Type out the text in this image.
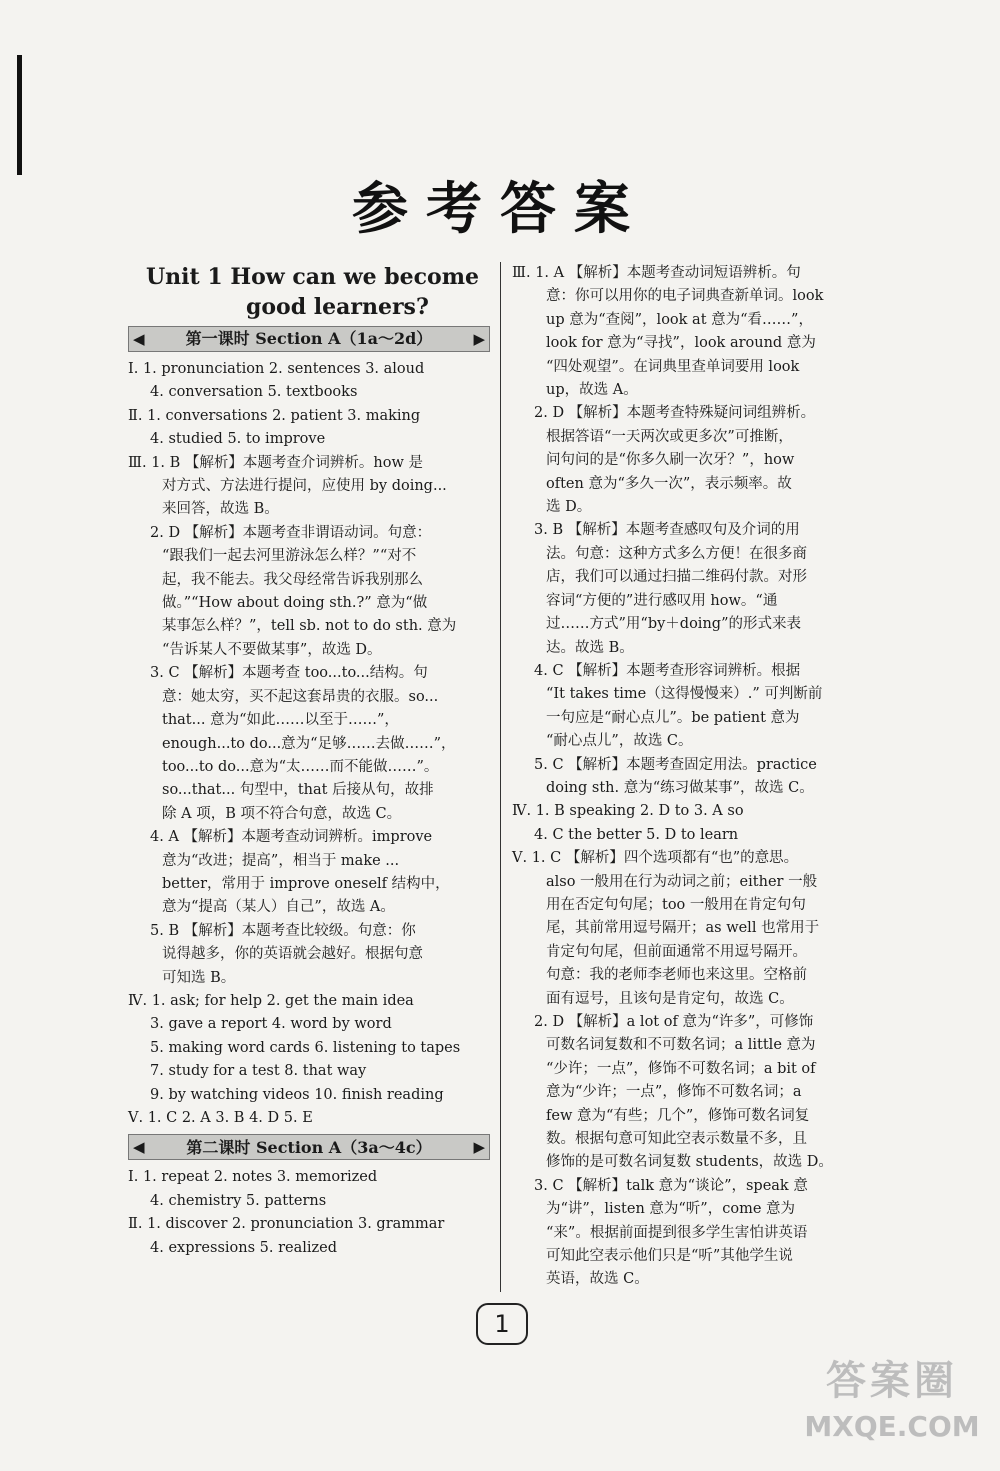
参考答案
Unit 1 How can we become
good learners?
◀	第一课时 Section A（1a～2d）	▶
Ⅰ. 1. pronunciation 2. sentences 3. aloud
4. conversation 5. textbooks
Ⅱ. 1. conversations 2. patient 3. making
4. studied 5. to improve
Ⅲ. 1. B 【解析】本题考查介词辨析。how 是
对方式、方法进行提问，应使用 by doing...
来回答，故选 B。
2. D 【解析】本题考查非谓语动词。句意：
“跟我们一起去河里游泳怎么样？”“对不
起，我不能去。我父母经常告诉我别那么
做。”“How about doing sth.?” 意为“做
某事怎么样？”，tell sb. not to do sth. 意为
“告诉某人不要做某事”，故选 D。
3. C 【解析】本题考查 too...to...结构。句
意：她太穷，买不起这套昂贵的衣服。so...
that... 意为“如此……以至于……”，
enough...to do...意为“足够……去做……”，
too...to do...意为“太……而不能做……”。
so...that... 句型中，that 后接从句，故排
除 A 项，B 项不符合句意，故选 C。
4. A 【解析】本题考查动词辨析。improve
意为“改进；提高”，相当于 make ...
better，常用于 improve oneself 结构中，
意为“提高（某人）自己”，故选 A。
5. B 【解析】本题考查比较级。句意：你
说得越多，你的英语就会越好。根据句意
可知选 B。
Ⅳ. 1. ask; for help 2. get the main idea
3. gave a report 4. word by word
5. making word cards 6. listening to tapes
7. study for a test 8. that way
9. by watching videos 10. finish reading
Ⅴ. 1. C 2. A 3. B 4. D 5. E
◀	第二课时 Section A（3a～4c）	▶
Ⅰ. 1. repeat 2. notes 3. memorized
4. chemistry 5. patterns
Ⅱ. 1. discover 2. pronunciation 3. grammar
4. expressions 5. realized
Ⅲ. 1. A 【解析】本题考查动词短语辨析。句
意：你可以用你的电子词典查新单词。look
up 意为“查阅”，look at 意为“看……”，
look for 意为“寻找”，look around 意为
“四处观望”。在词典里查单词要用 look
up，故选 A。
2. D 【解析】本题考查特殊疑问词组辨析。
根据答语“一天两次或更多次”可推断，
问句问的是“你多久刷一次牙？”，how
often 意为“多久一次”，表示频率。故
选 D。
3. B 【解析】本题考查感叹句及介词的用
法。句意：这种方式多么方便！在很多商
店，我们可以通过扫描二维码付款。对形
容词“方便的”进行感叹用 how。“通
过……方式”用“by＋doing”的形式来表
达。故选 B。
4. C 【解析】本题考查形容词辨析。根据
“It takes time（这得慢慢来）.” 可判断前
一句应是“耐心点儿”。be patient 意为
“耐心点儿”，故选 C。
5. C 【解析】本题考查固定用法。practice
doing sth. 意为“练习做某事”，故选 C。
Ⅳ. 1. B speaking 2. D to 3. A so
4. C the better 5. D to learn
Ⅴ. 1. C 【解析】四个选项都有“也”的意思。
also 一般用在行为动词之前；either 一般
用在否定句句尾；too 一般用在肯定句句
尾，其前常用逗号隔开；as well 也常用于
肯定句句尾，但前面通常不用逗号隔开。
句意：我的老师李老师也来这里。空格前
面有逗号，且该句是肯定句，故选 C。
2. D 【解析】a lot of 意为“许多”，可修饰
可数名词复数和不可数名词；a little 意为
“少许；一点”，修饰不可数名词；a bit of
意为“少许；一点”，修饰不可数名词；a
few 意为“有些；几个”，修饰可数名词复
数。根据句意可知此空表示数量不多，且
修饰的是可数名词复数 students，故选 D。
3. C 【解析】talk 意为“谈论”，speak 意
为“讲”，listen 意为“听”，come 意为
“来”。根据前面提到很多学生害怕讲英语
可知此空表示他们只是“听”其他学生说
英语，故选 C。
1
答案圈
MXQE.COM
